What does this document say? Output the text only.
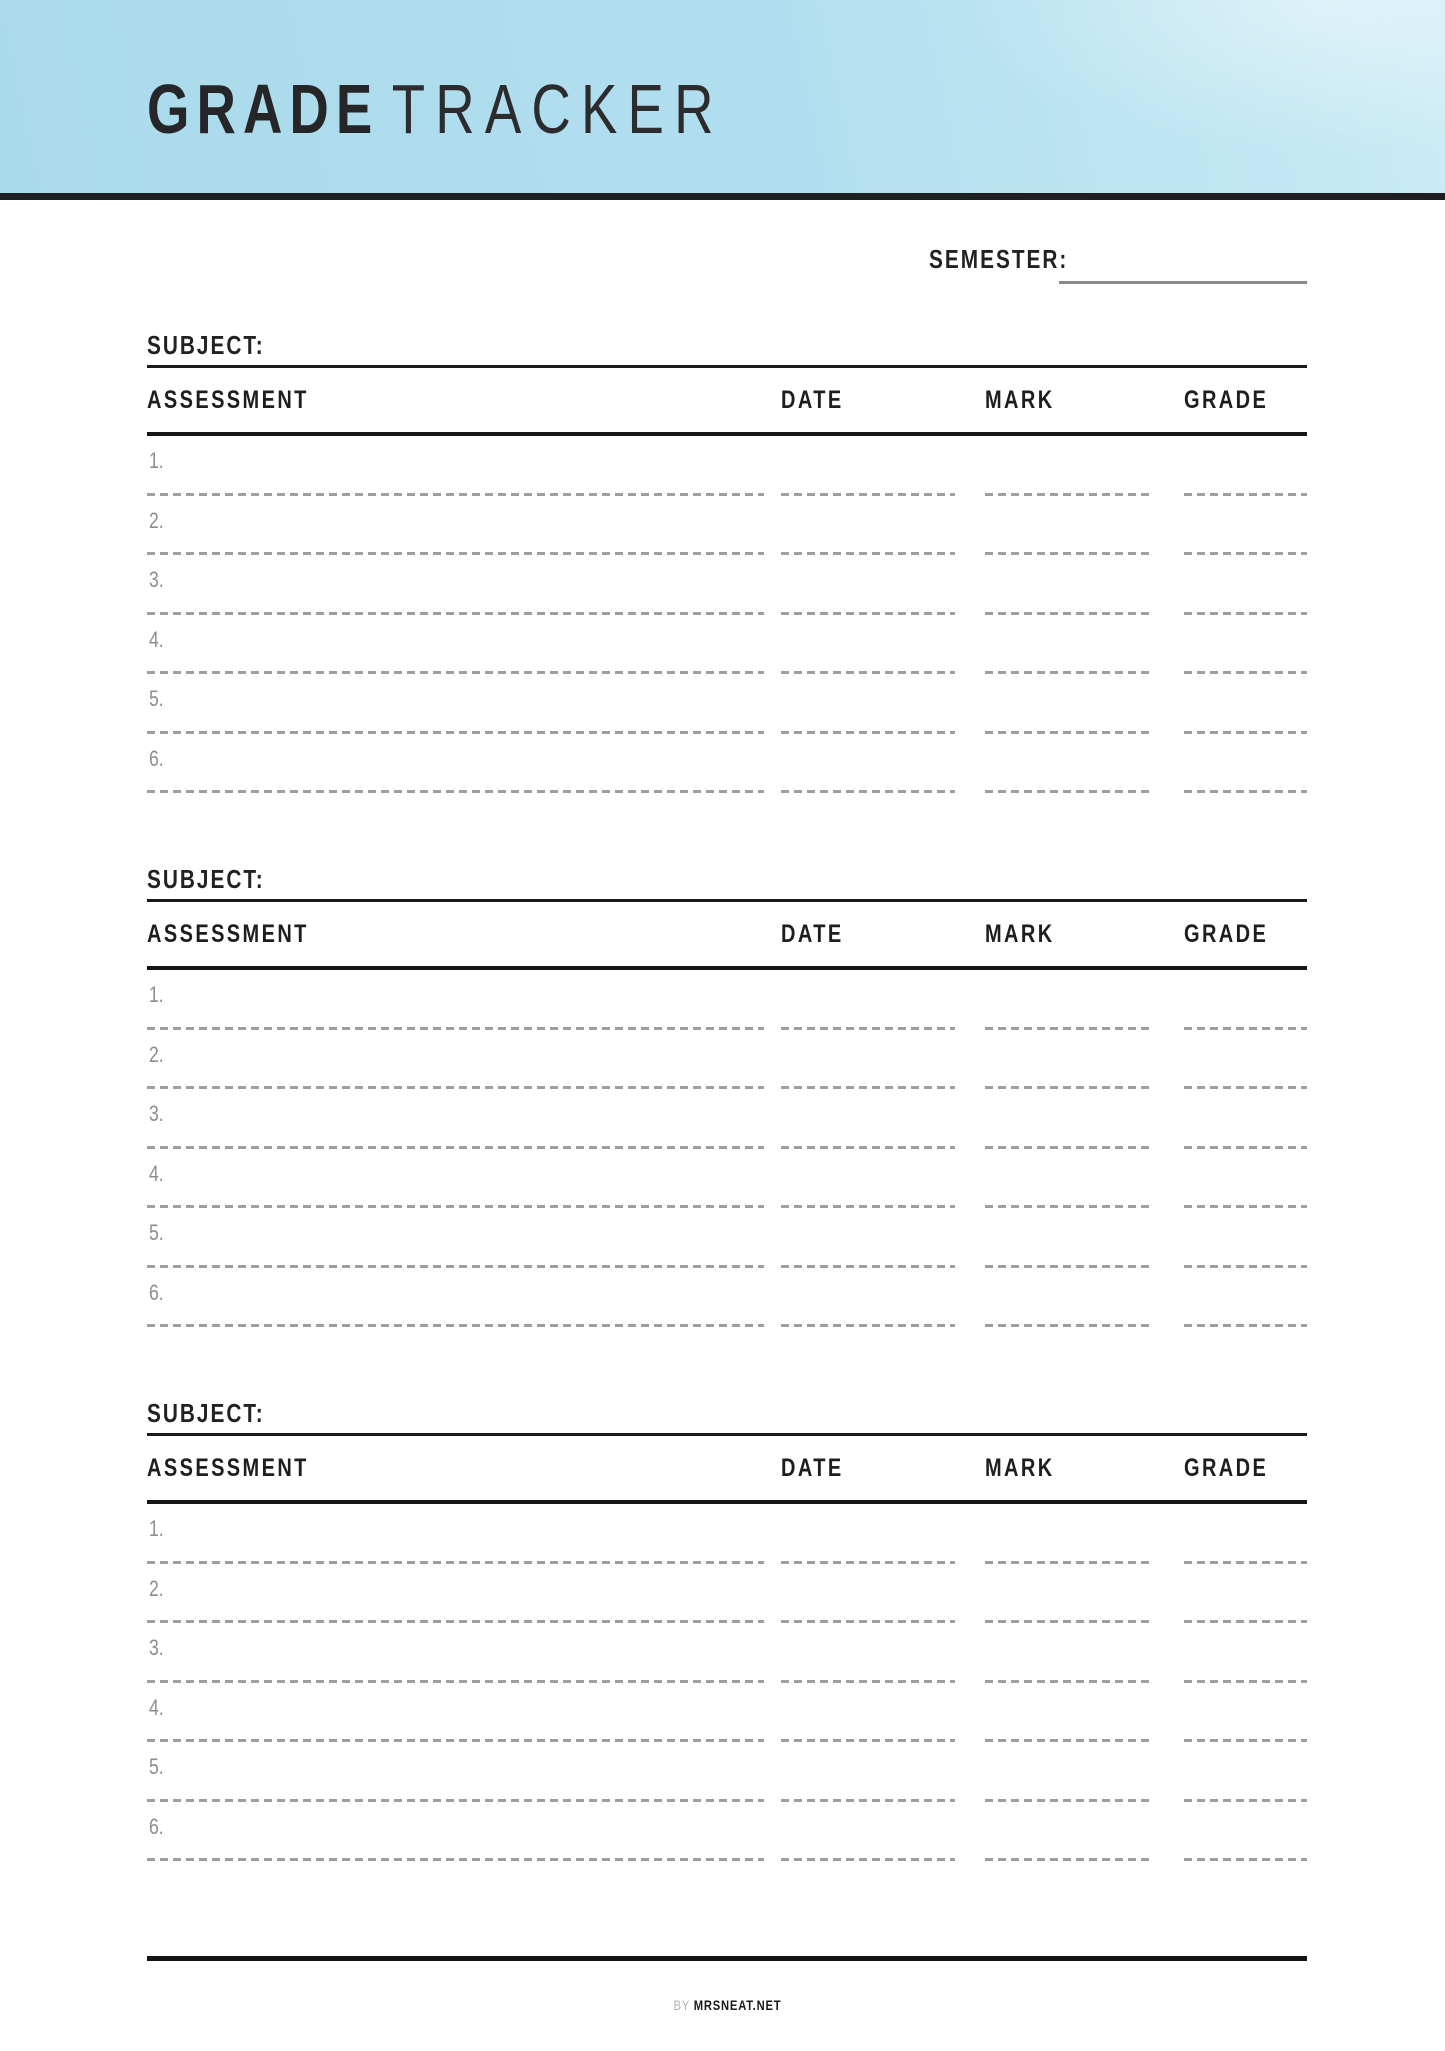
GRADE TRACKER
SEMESTER:
SUBJECT:
ASSESSMENT	DATE	MARK	GRADE
1.
2.
3.
4.
5.
6.
SUBJECT:
ASSESSMENT	DATE	MARK	GRADE
1.
2.
3.
4.
5.
6.
SUBJECT:
ASSESSMENT	DATE	MARK	GRADE
1.
2.
3.
4.
5.
6.
BY MRSNEAT.NET
